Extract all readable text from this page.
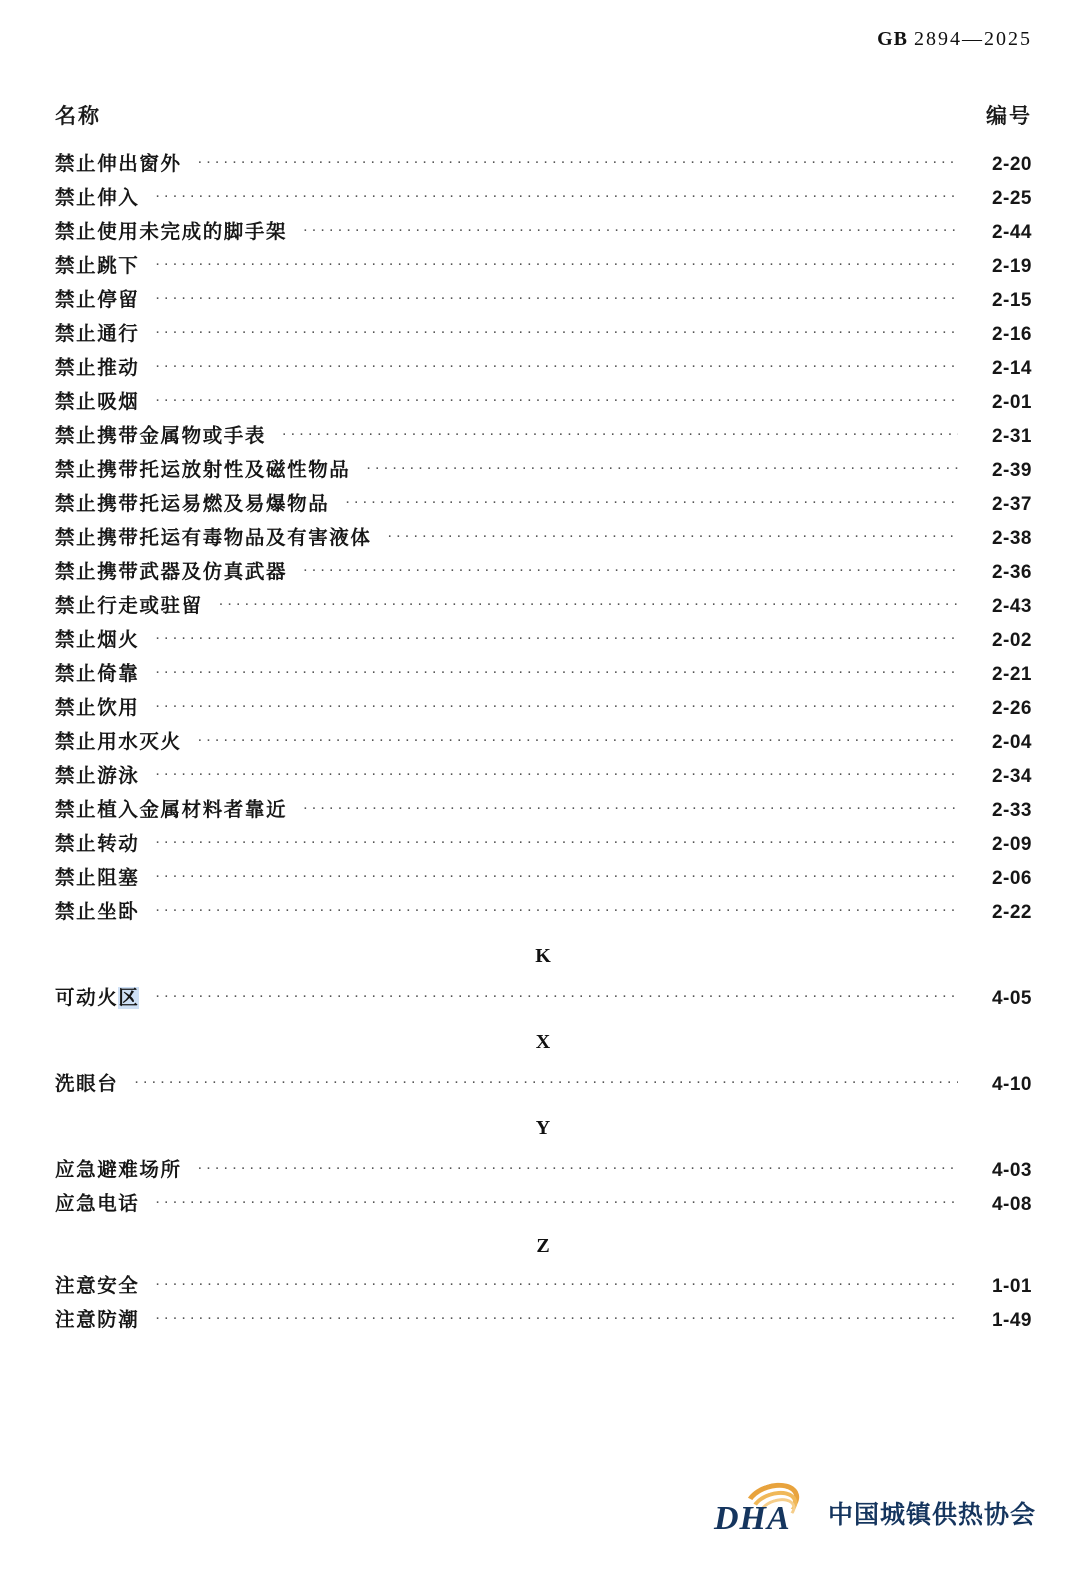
GB 2894—2025
名称	编号
禁止伸出窗外 .....	2-20
禁止伸入 .....	2-25
禁止使用未完成的脚手架 .....	2-44
禁止跳下 .....	2-19
禁止停留 .....	2-15
禁止通行 .....	2-16
禁止推动 .....	2-14
禁止吸烟 .....	2-01
禁止携带金属物或手表 .....	2-31
禁止携带托运放射性及磁性物品 .....	2-39
禁止携带托运易燃及易爆物品 .....	2-37
禁止携带托运有毒物品及有害液体 .....	2-38
禁止携带武器及仿真武器 .....	2-36
禁止行走或驻留 .....	2-43
禁止烟火 .....	2-02
禁止倚靠 .....	2-21
禁止饮用 .....	2-26
禁止用水灭火 .....	2-04
禁止游泳 .....	2-34
禁止植入金属材料者靠近 .....	2-33
禁止转动 .....	2-09
禁止阻塞 .....	2-06
禁止坐卧 .....	2-22
K
可动火区 .....	4-05
X
洗眼台 .....	4-10
Y
应急避难场所 .....	4-03
应急电话 .....	4-08
Z
注意安全 .....	1-01
注意防潮 .....	1-49
DHA 中国城镇供热协会
